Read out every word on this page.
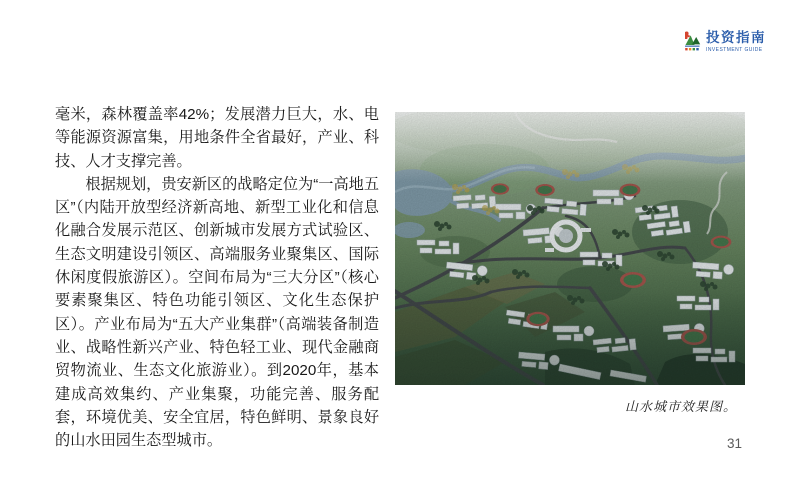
投资指南
INVESTMENT GUIDE

毫米，森林覆盖率42%；发展潜力巨大，水、电等能源资源富集，用地条件全省最好，产业、科技、人才支撑完善。

根据规划，贵安新区的战略定位为“一高地五区”（内陆开放型经济新高地、新型工业化和信息化融合发展示范区、创新城市发展方式试验区、生态文明建设引领区、高端服务业聚集区、国际休闲度假旅游区）。空间布局为“三大分区”（核心要素聚集区、特色功能引领区、文化生态保护区）。产业布局为“五大产业集群”（高端装备制造业、战略性新兴产业、特色轻工业、现代金融商贸物流业、生态文化旅游业）。到2020年，基本建成高效集约、产业集聚，功能完善、服务配套，环境优美、安全宜居，特色鲜明、景象良好的山水田园生态型城市。

山水城市效果图。
31
